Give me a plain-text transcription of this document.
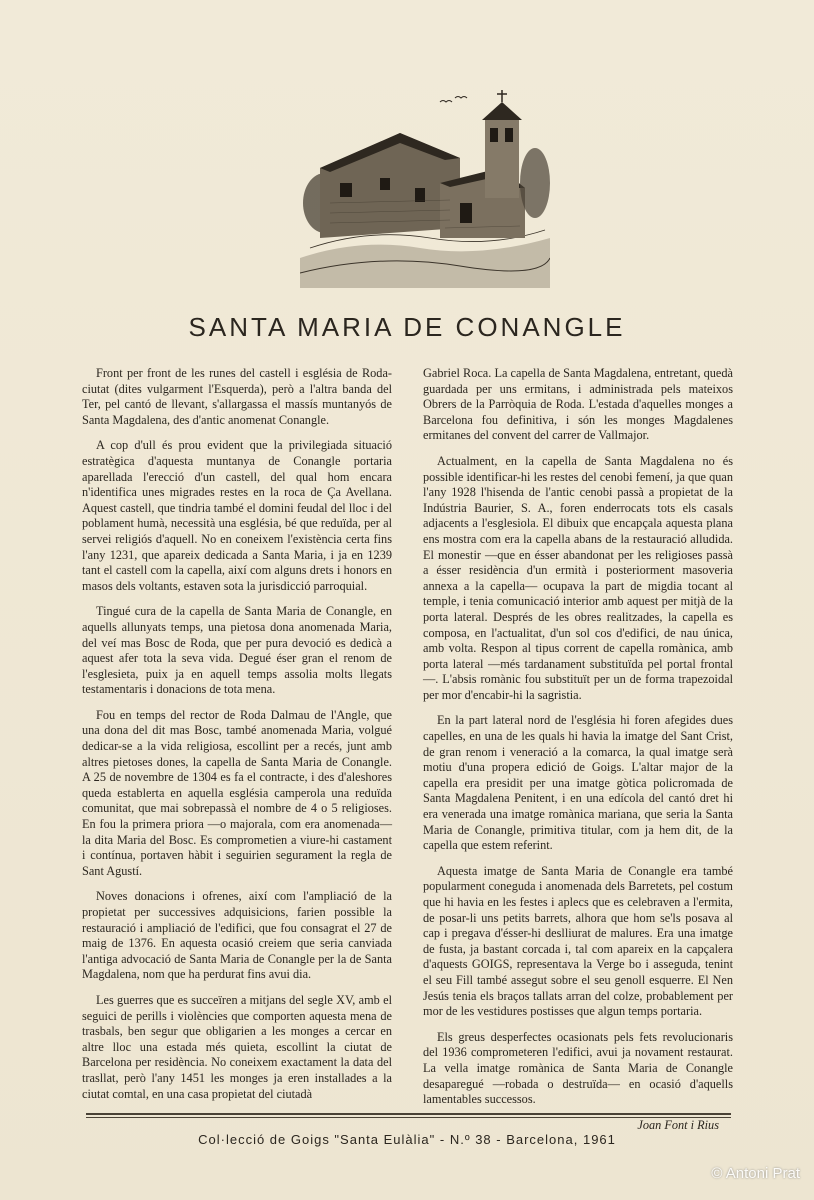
SANTA MARIA DE CONANGLE

Front per front de les runes del castell i església de Roda-ciutat (dites vulgarment l'Esquerda), però a l'altra banda del Ter, pel cantó de llevant, s'allargassa el massís muntanyós de Santa Magdalena, des d'antic anomenat Conangle.

A cop d'ull és prou evident que la privilegiada situació estratègica d'aquesta muntanya de Conangle portaria aparellada l'erecció d'un castell, del qual hom encara n'identifica unes migrades restes en la roca de Ça Avellana. Aquest castell, que tindria també el domini feudal del lloc i del poblament humà, necessità una església, bé que reduïda, per al servei religiós d'aquell. No en coneixem l'existència certa fins l'any 1231, que apareix dedicada a Santa Maria, i ja en 1239 tant el castell com la capella, així com alguns drets i honors en masos dels voltants, estaven sota la jurisdicció parroquial.

Tingué cura de la capella de Santa Maria de Conangle, en aquells allunyats temps, una pietosa dona anomenada Maria, del veí mas Bosc de Roda, que per pura devoció es dedicà a aquest afer tota la seva vida. Degué éser gran el renom de l'esglesieta, puix ja en aquell temps assolia molts llegats testamentaris i donacions de tota mena.

Fou en temps del rector de Roda Dalmau de l'Angle, que una dona del dit mas Bosc, també anomenada Maria, volgué dedicar-se a la vida religiosa, escollint per a recés, junt amb altres pietoses dones, la capella de Santa Maria de Conangle. A 25 de novembre de 1304 es fa el contracte, i des d'aleshores queda establerta en aquella església camperola una reduïda comunitat, que mai sobrepassà el nombre de 4 o 5 religioses. En fou la primera priora —o majorala, com era anomenada— la dita Maria del Bosc. Es comprometien a viure-hi castament i contínua, portaven hàbit i seguirien segurament la regla de Sant Agustí.

Noves donacions i ofrenes, així com l'ampliació de la propietat per successives adquisicions, farien possible la restauració i ampliació de l'edifici, que fou consagrat el 27 de maig de 1376. En aquesta ocasió creiem que seria canviada l'antiga advocació de Santa Maria de Conangle per la de Santa Magdalena, nom que ha perdurat fins avui dia.

Les guerres que es succeïren a mitjans del segle XV, amb el seguici de perills i violències que comporten aquesta mena de trasbals, ben segur que obligarien a les monges a cercar en altre lloc una estada més quieta, escollint la ciutat de Barcelona per residència. No coneixem exactament la data del trasllat, però l'any 1451 les monges ja eren installades a la ciutat comtal, en una casa propietat del ciutadà

Gabriel Roca. La capella de Santa Magdalena, entretant, quedà guardada per uns ermitans, i administrada pels mateixos Obrers de la Parròquia de Roda. L'estada d'aquelles monges a Barcelona fou definitiva, i són les monges Magdalenes ermitanes del convent del carrer de Vallmajor.

Actualment, en la capella de Santa Magdalena no és possible identificar-hi les restes del cenobi femení, ja que quan l'any 1928 l'hisenda de l'antic cenobi passà a propietat de la Indústria Baurier, S. A., foren enderrocats tots els casals adjacents a l'esglesiola. El dibuix que encapçala aquesta plana ens mostra com era la capella abans de la restauració alludida. El monestir —que en ésser abandonat per les religioses passà a ésser residència d'un ermità i posteriorment masoveria annexa a la capella— ocupava la part de migdia tocant al temple, i tenia comunicació interior amb aquest per mitjà de la porta lateral. Després de les obres realitzades, la capella es composa, en l'actualitat, d'un sol cos d'edifici, de nau única, amb volta. Respon al tipus corrent de capella romànica, amb porta lateral —més tardanament substituïda pel portal frontal—. L'absis romànic fou substituït per un de forma trapezoidal per mor d'encabir-hi la sagristia.

En la part lateral nord de l'església hi foren afegides dues capelles, en una de les quals hi havia la imatge del Sant Crist, de gran renom i veneració a la comarca, la qual imatge serà motiu d'una propera edició de Goigs. L'altar major de la capella era presidit per una imatge gòtica policromada de Santa Magdalena Penitent, i en una edícola del cantó dret hi era venerada una imatge romànica mariana, que seria la Santa Maria de Conangle, primitiva titular, com ja hem dit, de la capella que estem referint.

Aquesta imatge de Santa Maria de Conangle era també popularment coneguda i anomenada dels Barretets, pel costum que hi havia en les festes i aplecs que es celebraven a l'ermita, de posar-li uns petits barrets, alhora que hom se'ls posava al cap i pregava d'ésser-hi deslliurat de malures. Era una imatge de fusta, ja bastant corcada i, tal com apareix en la capçalera d'aquests GOIGS, representava la Verge bo i asseguda, tenint el seu Fill també assegut sobre el seu genoll esquerre. El Nen Jesús tenia els braços tallats arran del colze, probablement per mor de les vestidures postisses que algun temps portaria.

Els greus desperfectes ocasionats pels fets revolucionaris del 1936 comprometeren l'edifici, avui ja novament restaurat. La vella imatge romànica de Santa Maria de Conangle desaparegué —robada o destruïda— en ocasió d'aquells lamentables successos.

Joan Font i Rius

Col·lecció de Goigs "Santa Eulàlia" - N.º 38 - Barcelona, 1961
© Antoni Prat
